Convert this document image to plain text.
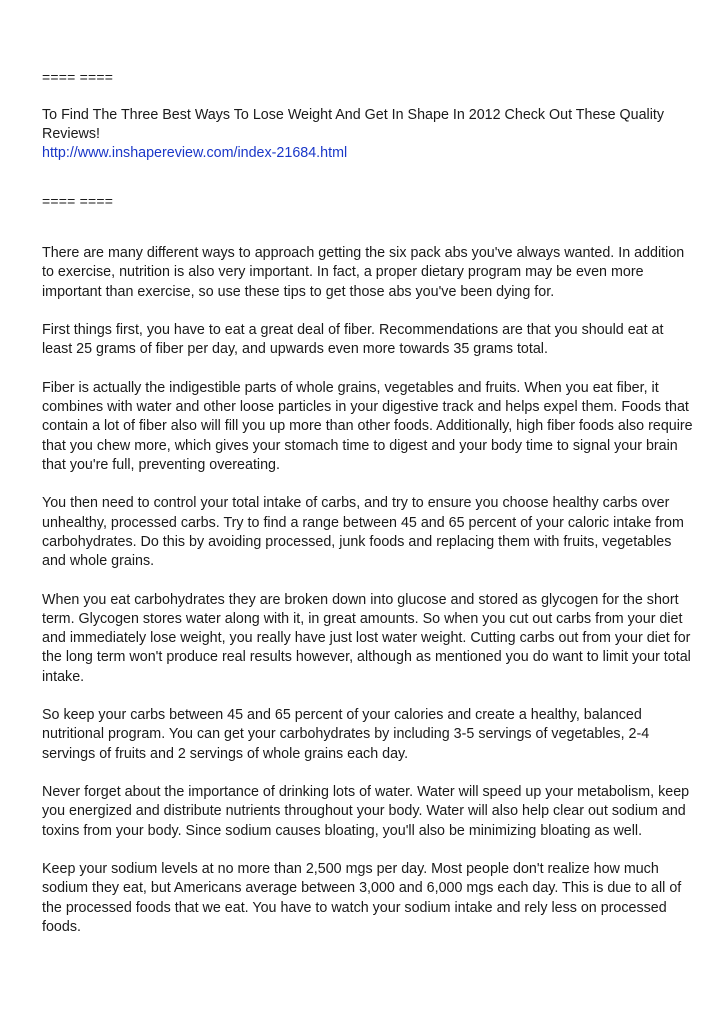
==== ====
To Find The Three Best Ways To Lose Weight And Get In Shape In 2012 Check Out These Quality Reviews!
http://www.inshapereview.com/index-21684.html
==== ====

There are many different ways to approach getting the six pack abs you've always wanted. In addition to exercise, nutrition is also very important. In fact, a proper dietary program may be even more important than exercise, so use these tips to get those abs you've been dying for.

First things first, you have to eat a great deal of fiber. Recommendations are that you should eat at least 25 grams of fiber per day, and upwards even more towards 35 grams total.

Fiber is actually the indigestible parts of whole grains, vegetables and fruits. When you eat fiber, it combines with water and other loose particles in your digestive track and helps expel them. Foods that contain a lot of fiber also will fill you up more than other foods. Additionally, high fiber foods also require that you chew more, which gives your stomach time to digest and your body time to signal your brain that you're full, preventing overeating.

You then need to control your total intake of carbs, and try to ensure you choose healthy carbs over unhealthy, processed carbs. Try to find a range between 45 and 65 percent of your caloric intake from carbohydrates. Do this by avoiding processed, junk foods and replacing them with fruits, vegetables and whole grains.

When you eat carbohydrates they are broken down into glucose and stored as glycogen for the short term. Glycogen stores water along with it, in great amounts. So when you cut out carbs from your diet and immediately lose weight, you really have just lost water weight. Cutting carbs out from your diet for the long term won't produce real results however, although as mentioned you do want to limit your total intake.

So keep your carbs between 45 and 65 percent of your calories and create a healthy, balanced nutritional program. You can get your carbohydrates by including 3-5 servings of vegetables, 2-4 servings of fruits and 2 servings of whole grains each day.

Never forget about the importance of drinking lots of water. Water will speed up your metabolism, keep you energized and distribute nutrients throughout your body. Water will also help clear out sodium and toxins from your body. Since sodium causes bloating, you'll also be minimizing bloating as well.

Keep your sodium levels at no more than 2,500 mgs per day. Most people don't realize how much sodium they eat, but Americans average between 3,000 and 6,000 mgs each day. This is due to all of the processed foods that we eat. You have to watch your sodium intake and rely less on processed foods.
